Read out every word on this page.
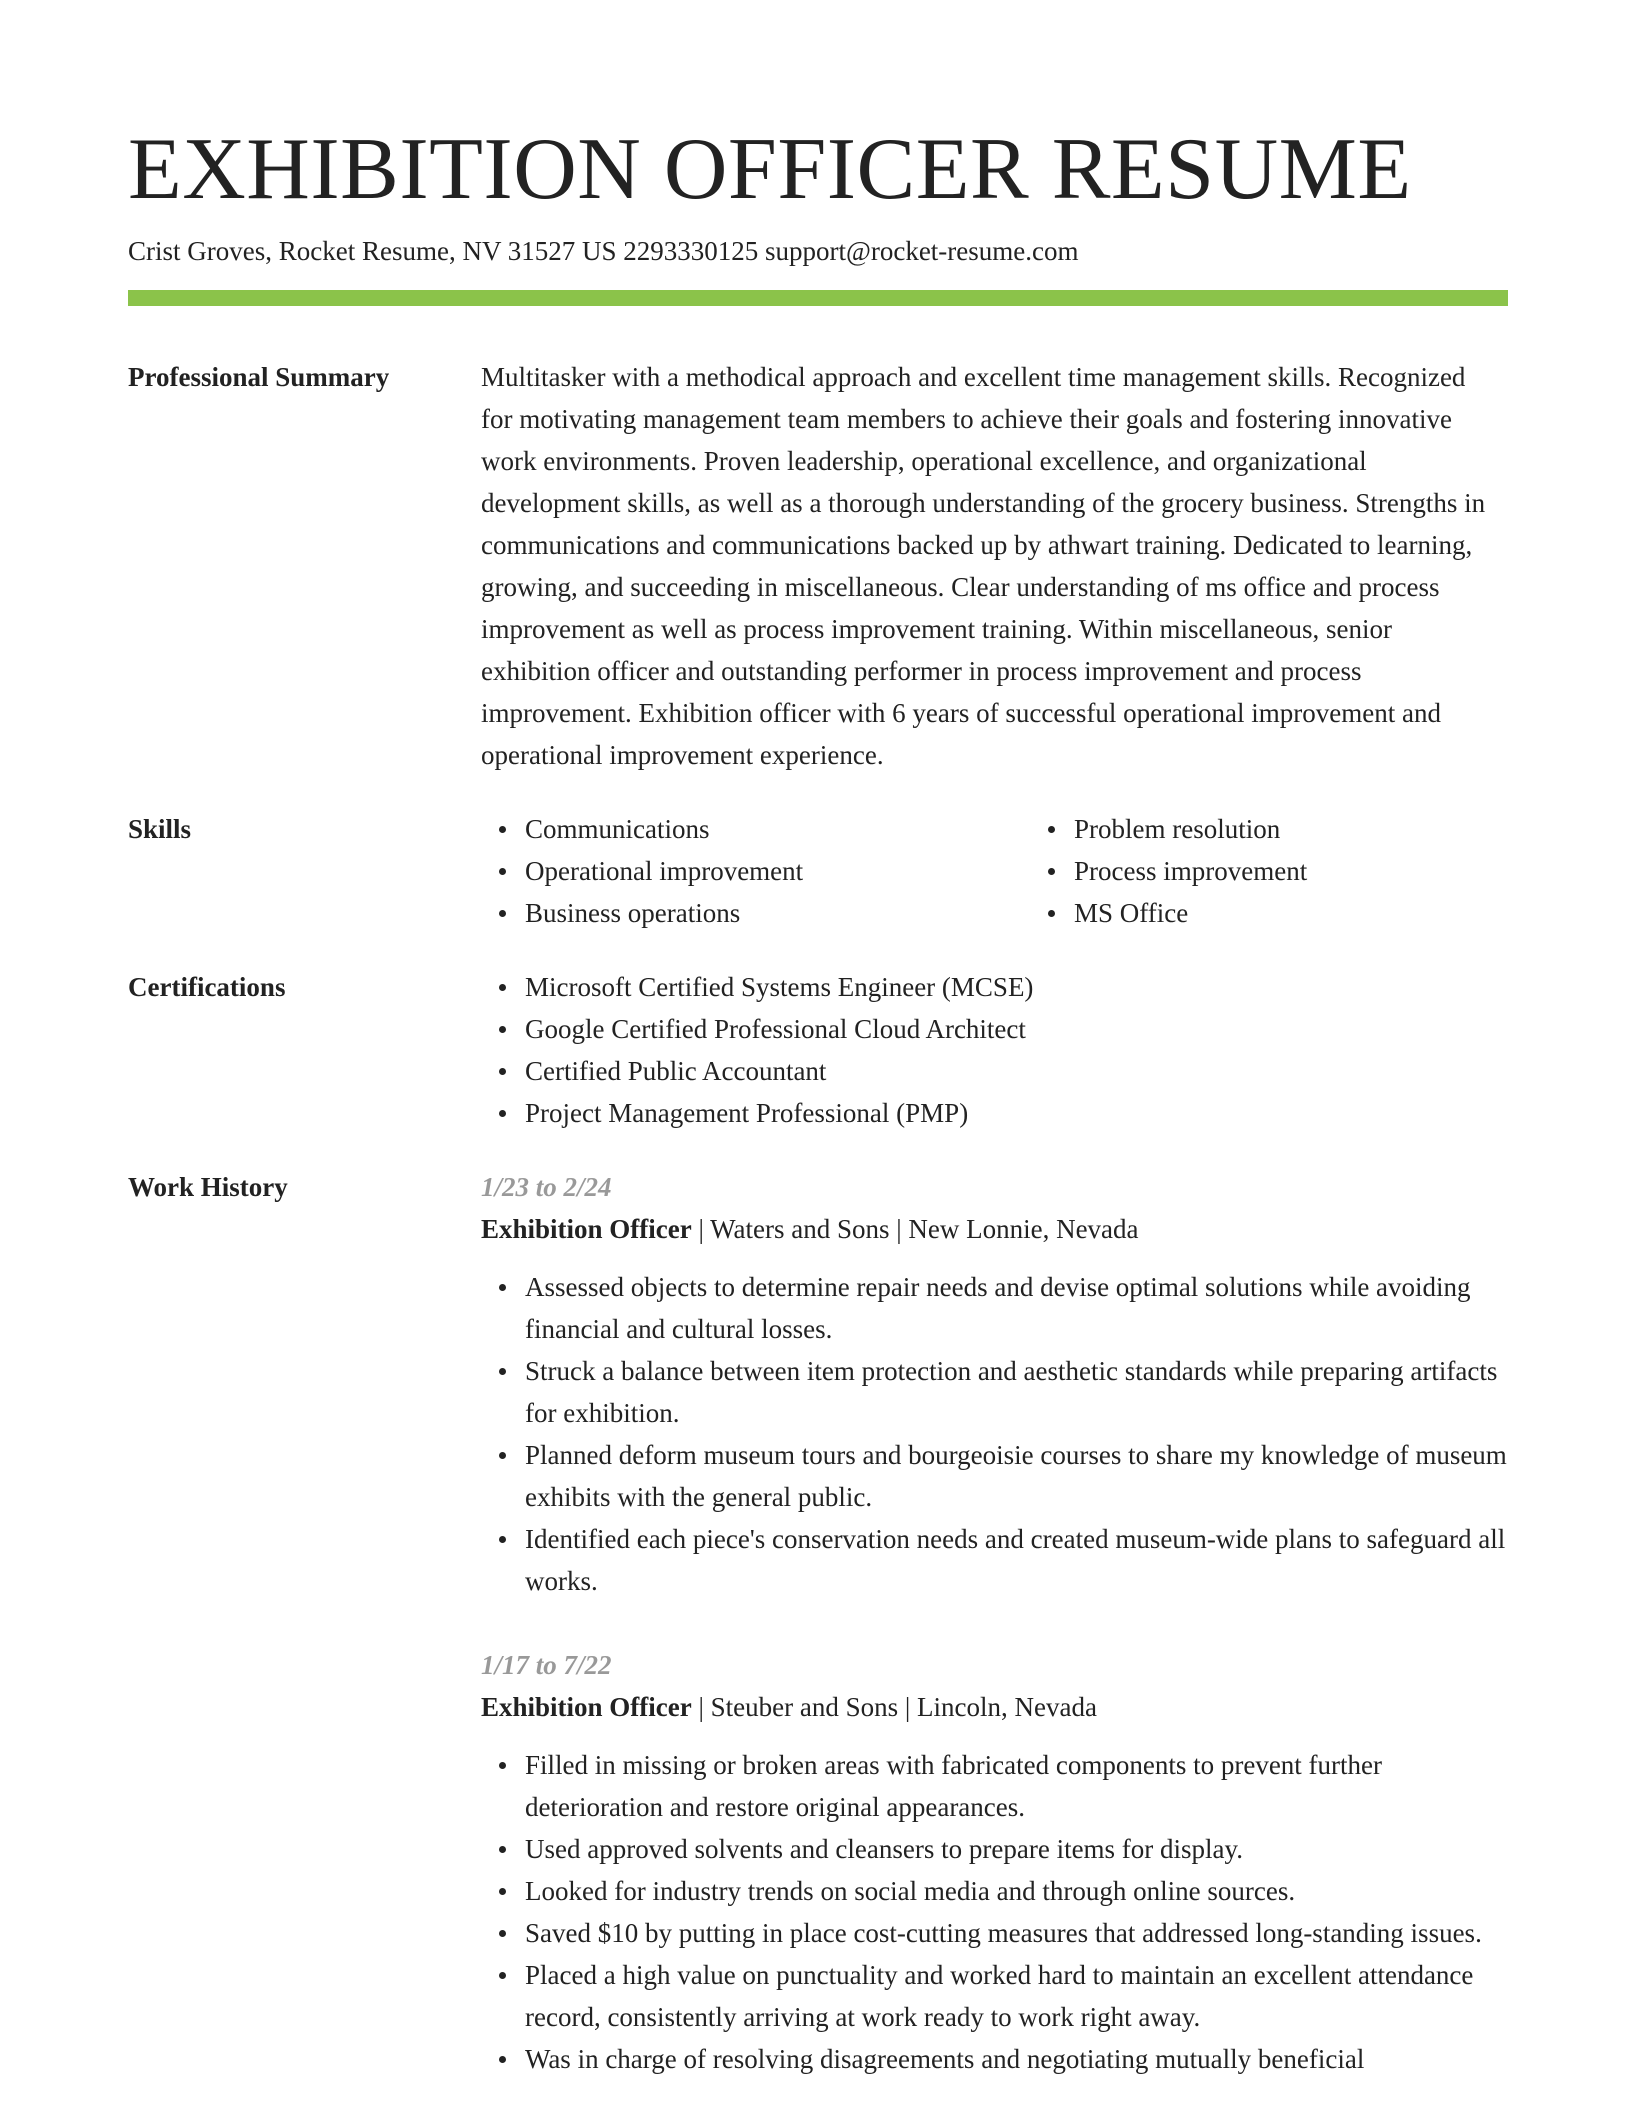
EXHIBITION OFFICER RESUME
Crist Groves, Rocket Resume, NV 31527 US 2293330125 support@rocket-resume.com
Professional Summary	Multitasker with a methodical approach and excellent time management skills. Recognized for motivating management team members to achieve their goals and fostering innovative work environments. Proven leadership, operational excellence, and organizational development skills, as well as a thorough understanding of the grocery business. Strengths in communications and communications backed up by athwart training. Dedicated to learning, growing, and succeeding in miscellaneous. Clear understanding of ms office and process improvement as well as process improvement training. Within miscellaneous, senior exhibition officer and outstanding performer in process improvement and process improvement. Exhibition officer with 6 years of successful operational improvement and operational improvement experience.

Skills	Communications
Operational improvement
Business operations
Problem resolution
Process improvement
MS Office
Certifications	Microsoft Certified Systems Engineer (MCSE)
Google Certified Professional Cloud Architect
Certified Public Accountant
Project Management Professional (PMP)
Work History	1/23 to 2/24
Exhibition Officer | Waters and Sons | New Lonnie, Nevada
Assessed objects to determine repair needs and devise optimal solutions while avoiding financial and cultural losses.
Struck a balance between item protection and aesthetic standards while preparing artifacts for exhibition.
Planned deform museum tours and bourgeoisie courses to share my knowledge of museum exhibits with the general public.
Identified each piece's conservation needs and created museum-wide plans to safeguard all works.
1/17 to 7/22
Exhibition Officer | Steuber and Sons | Lincoln, Nevada
Filled in missing or broken areas with fabricated components to prevent further deterioration and restore original appearances.
Used approved solvents and cleansers to prepare items for display.
Looked for industry trends on social media and through online sources.
Saved $10 by putting in place cost-cutting measures that addressed long-standing issues.
Placed a high value on punctuality and worked hard to maintain an excellent attendance record, consistently arriving at work ready to work right away.
Was in charge of resolving disagreements and negotiating mutually beneficial
